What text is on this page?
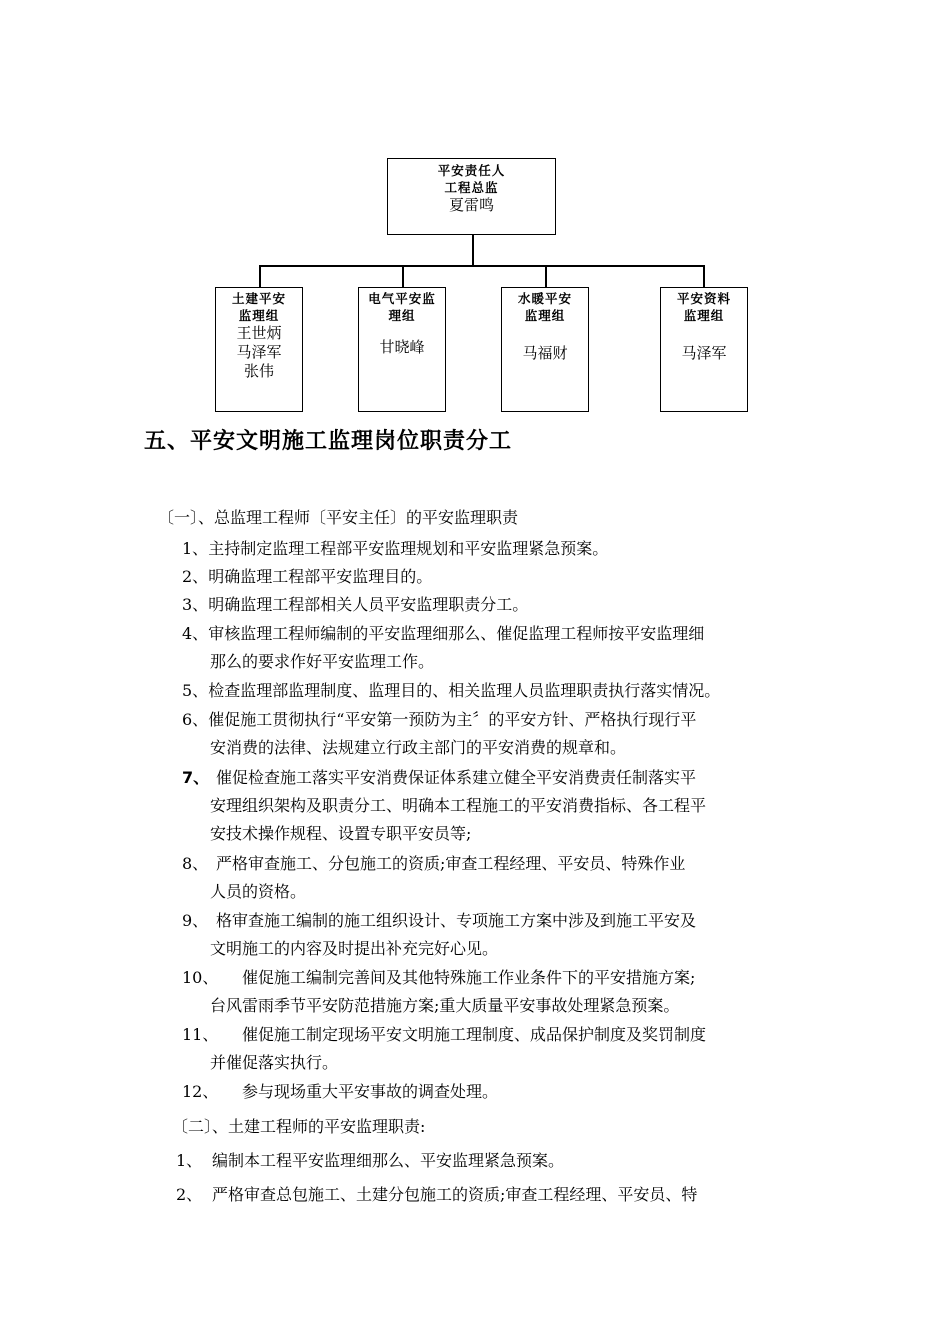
平安责任人
工程总监
夏雷鸣
土建平安
监理组
王世炳
马泽军
张伟
电气平安监
理组
甘晓峰
水暖平安
监理组
马福财
平安资料
监理组
马泽军
五、平安文明施工监理岗位职责分工
〔一〕、总监理工程师〔平安主任〕的平安监理职责
1、主持制定监理工程部平安监理规划和平安监理紧急预案。
2、明确监理工程部平安监理目的。
3、明确监理工程部相关人员平安监理职责分工。
4、审核监理工程师编制的平安监理细那么、催促监理工程师按平安监理细
那么的要求作好平安监理工作。
5、检查监理部监理制度、监理目的、相关监理人员监理职责执行落实情况。
6、催促施工贯彻执行“平安第一预防为主〞的平安方针、严格执行现行平
安消费的法律、法规建立行政主部门的平安消费的规章和。
7、 催促检查施工落实平安消费保证体系建立健全平安消费责任制落实平
安理组织架构及职责分工、明确本工程施工的平安消费指标、各工程平
安技术操作规程、设置专职平安员等;
8、 严格审查施工、分包施工的资质;审查工程经理、平安员、特殊作业
人员的资格。
9、 格审查施工编制的施工组织设计、专项施工方案中涉及到施工平安及
文明施工的内容及时提出补充完好心见。
10、 催促施工编制完善间及其他特殊施工作业条件下的平安措施方案;
台风雷雨季节平安防范措施方案;重大质量平安事故处理紧急预案。
11、 催促施工制定现场平安文明施工理制度、成品保护制度及奖罚制度
并催促落实执行。
12、 参与现场重大平安事故的调查处理。
〔二〕、土建工程师的平安监理职责:
1、 编制本工程平安监理细那么、平安监理紧急预案。
2、 严格审查总包施工、土建分包施工的资质;审查工程经理、平安员、特
